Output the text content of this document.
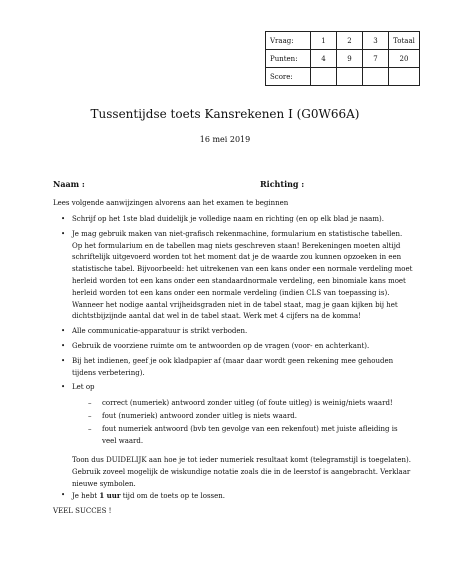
Vraag:	1	2	3	Totaal
Punten:	4	9	7	20
Score:				
Tussentijdse toets Kansrekenen I (G0W66A)
16 mei 2019
Naam :	Richting :
Lees volgende aanwijzingen alvorens aan het examen te beginnen
• Schrijf op het 1ste blad duidelijk je volledige naam en richting (en op elk blad je naam).
• Je mag gebruik maken van niet-grafisch rekenmachine, formularium en statistische tabellen. Op het formularium en de tabellen mag niets geschreven staan! Berekeningen moeten altijd schriftelijk uitgevoerd worden tot het moment dat je de waarde zou kunnen opzoeken in een statistische tabel. Bijvoorbeeld: het uitrekenen van een kans onder een normale verdeling moet herleid worden tot een kans onder een standaardnormale verdeling, een binomiale kans moet herleid worden tot een kans onder een normale verdeling (indien CLS van toepassing is). Wanneer het nodige aantal vrijheidsgraden niet in de tabel staat, mag je gaan kijken bij het dichtstbijzijnde aantal dat wel in de tabel staat. Werk met 4 cijfers na de komma!
• Alle communicatie-apparatuur is strikt verboden.
• Gebruik de voorziene ruimte om te antwoorden op de vragen (voor- en achterkant).
• Bij het indienen, geef je ook kladpapier af (maar daar wordt geen rekening mee gehouden tijdens verbetering).
• Let op
– correct (numeriek) antwoord zonder uitleg (of foute uitleg) is weinig/niets waard!
– fout (numeriek) antwoord zonder uitleg is niets waard.
– fout numeriek antwoord (bvb ten gevolge van een rekenfout) met juiste afleiding is veel waard.
Toon dus DUIDELIJK aan hoe je tot ieder numeriek resultaat komt (telegramstijl is toegelaten). Gebruik zoveel mogelijk de wiskundige notatie zoals die in de leerstof is aangebracht. Verklaar nieuwe symbolen.
• Je hebt 1 uur tijd om de toets op te lossen.
VEEL SUCCES !
